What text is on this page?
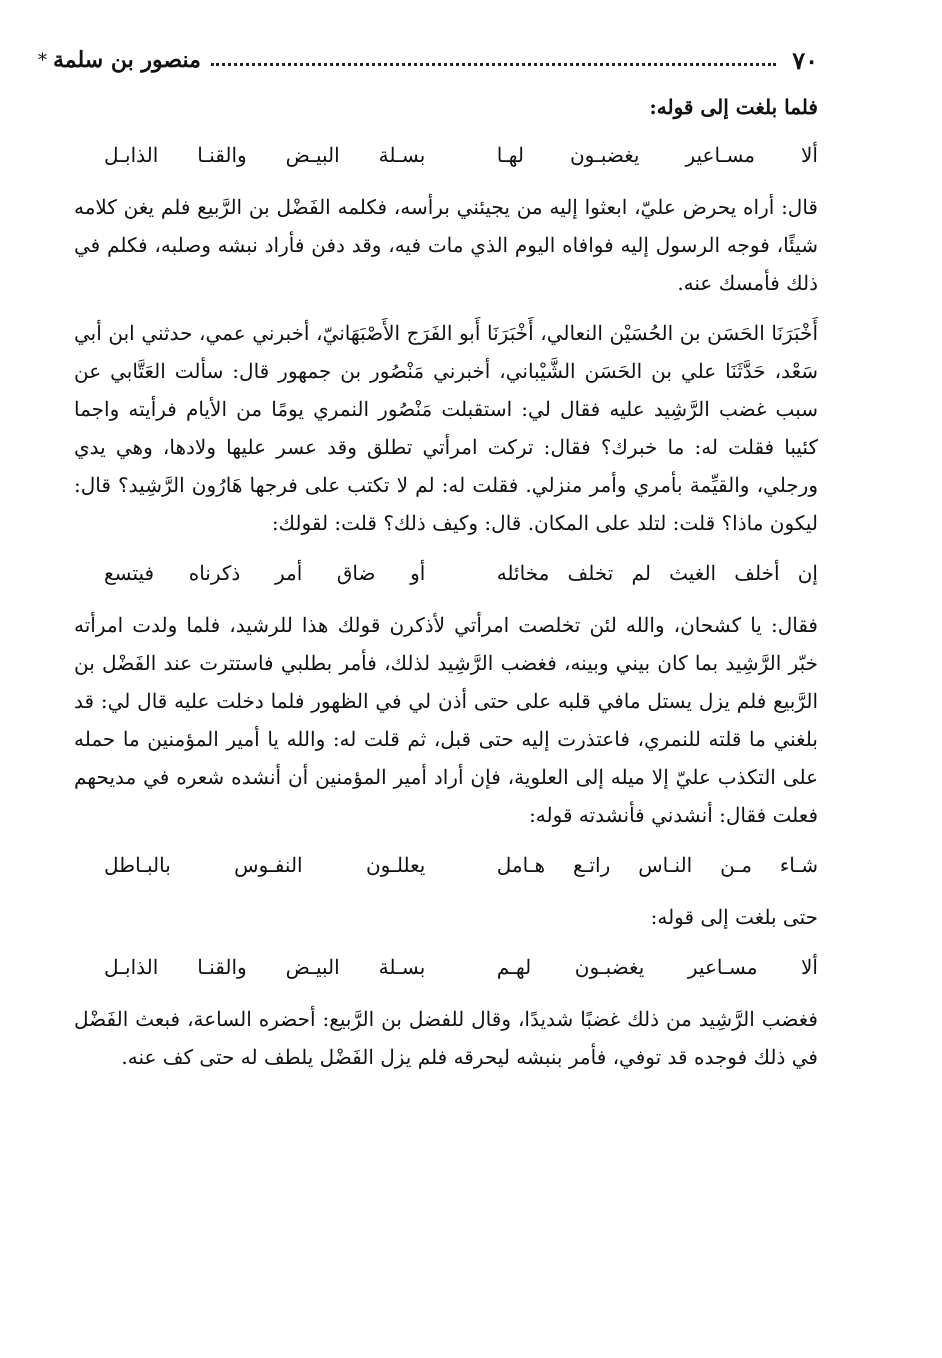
٧٠
منصور بن سلمة
*

فلما بلغت إلى قوله:

ألا مسـاعير يغضبـون لهـا
بسـلة البيـض والقنـا الذابـل

قال: أراه يحرض عليّ، ابعثوا إليه من يجيئني برأسه، فكلمه الفَضْل بن الرَّبيع فلم يغن كلامه شيئًا، فوجه الرسول إليه فوافاه اليوم الذي مات فيه، وقد دفن فأراد نبشه وصلبه، فكلم في ذلك فأمسك عنه.

أَخْبَرَنَا الحَسَن بن الحُسَيْن النعالي، أَخْبَرَنَا أَبو الفَرَج الأَصْبَهَانيّ، أخبرني عمي، حدثني ابن أبي سَعْد، حَدَّثَنَا علي بن الحَسَن الشَّيْباني، أخبرني مَنْصُور بن جمهور قال: سألت العَتَّابي عن سبب غضب الرَّشِيد عليه فقال لي: استقبلت مَنْصُور النمري يومًا من الأيام فرأيته واجما كئيبا فقلت له: ما خبرك؟ فقال: تركت امرأتي تطلق وقد عسر عليها ولادها، وهي يدي ورجلي، والقيِّمة بأمري وأمر منزلي. فقلت له: لم لا تكتب على فرجها هَارُون الرَّشِيد؟ قال: ليكون ماذا؟ قلت: لتلد على المكان. قال: وكيف ذلك؟ قلت: لقولك:

إن أخلف الغيث لم تخلف مخائله
أو ضاق أمر ذكرناه فيتسع

فقال: يا كشحان، والله لئن تخلصت امرأتي لأذكرن قولك هذا للرشيد، فلما ولدت امرأته خبّر الرَّشِيد بما كان بيني وبينه، فغضب الرَّشِيد لذلك، فأمر بطلبي فاستترت عند الفَضْل بن الرَّبيع فلم يزل يستل مافي قلبه على حتى أذن لي في الظهور فلما دخلت عليه قال لي: قد بلغني ما قلته للنمري، فاعتذرت إليه حتى قبل، ثم قلت له: والله يا أمير المؤمنين ما حمله على التكذب عليّ إلا ميله إلى العلوية، فإن أراد أمير المؤمنين أن أنشده شعره في مديحهم فعلت فقال: أنشدني فأنشدته قوله:

شـاء مـن النـاس راتـع هـامل
يعللـون النفـوس بالبـاطل

حتى بلغت إلى قوله:

ألا مسـاعير يغضبـون لهـم
بسـلة البيـض والقنـا الذابـل

فغضب الرَّشِيد من ذلك غضبًا شديدًا، وقال للفضل بن الرَّبيع: أحضره الساعة، فبعث الفَضْل في ذلك فوجده قد توفي، فأمر بنبشه ليحرقه فلم يزل الفَضْل يلطف له حتى كف عنه.
